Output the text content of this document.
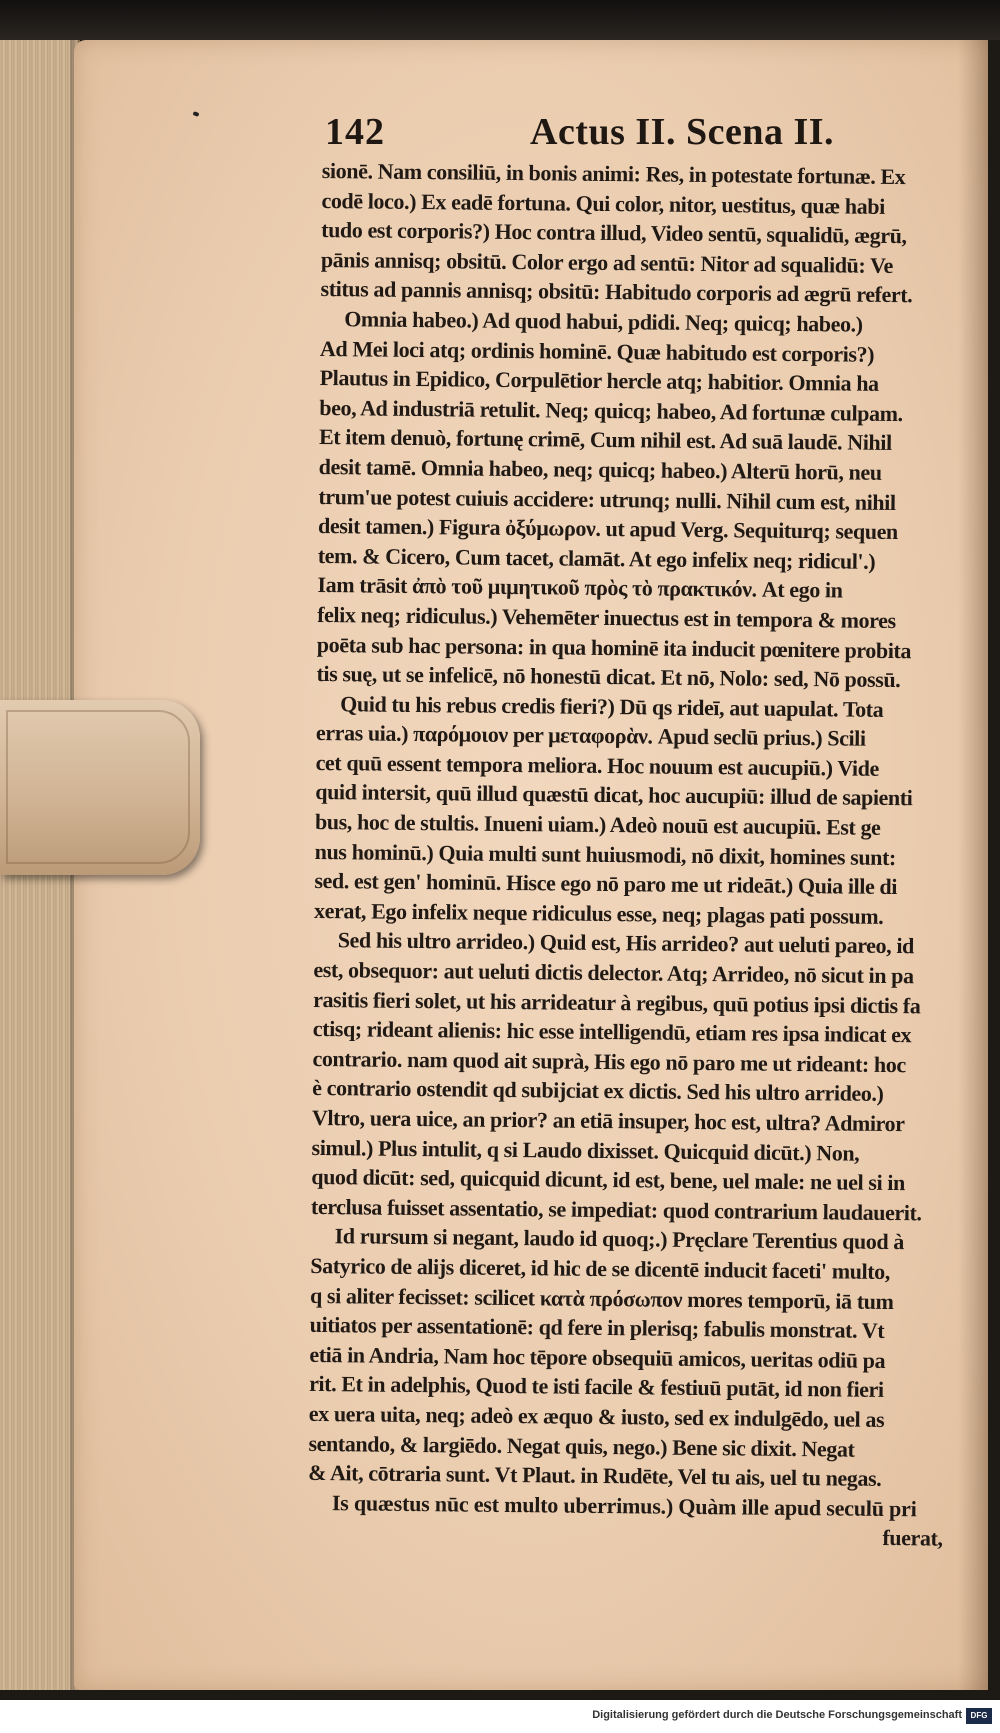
142	Actus II. Scena II.
sionē. Nam consiliū, in bonis animi: Res, in potestate fortunæ. Ex
codē loco.) Ex eadē fortuna. Qui color, nitor, uestitus, quæ habi
tudo est corporis?) Hoc contra illud, Video sentū, squalidū, ægrū,
pānis annisq; obsitū. Color ergo ad sentū: Nitor ad squalidū: Ve
stitus ad pannis annisq; obsitū: Habitudo corporis ad ægrū refert.
Omnia habeo.) Ad quod habui, pdidi. Neq; quicq; habeo.)
Ad Mei loci atq; ordinis hominē. Quæ habitudo est corporis?)
Plautus in Epidico, Corpulētior hercle atq; habitior. Omnia ha
beo, Ad industriā retulit. Neq; quicq; habeo, Ad fortunæ culpam.
Et item denuò, fortunę crimē, Cum nihil est. Ad suā laudē. Nihil
desit tamē. Omnia habeo, neq; quicq; habeo.) Alterū horū, neu
trum'ue potest cuiuis accidere: utrunq; nulli. Nihil cum est, nihil
desit tamen.) Figura ὀξύμωρον. ut apud Verg. Sequiturq; sequen
tem. & Cicero, Cum tacet, clamāt. At ego infelix neq; ridicul'.)
Iam trāsit ἀπὸ τοῦ μιμητικοῦ πρὸς τὸ πρακτικόν. At ego in
felix neq; ridiculus.) Vehemēter inuectus est in tempora & mores
poēta sub hac persona: in qua hominē ita inducit pœnitere probita
tis suę, ut se infelicē, nō honestū dicat. Et nō, Nolo: sed, Nō possū.
Quid tu his rebus credis fieri?) Dū qs rideī, aut uapulat. Tota
erras uia.) παρόμοιον per μεταφορὰν. Apud seclū prius.) Scili
cet quū essent tempora meliora. Hoc nouum est aucupiū.) Vide
quid intersit, quū illud quæstū dicat, hoc aucupiū: illud de sapienti
bus, hoc de stultis. Inueni uiam.) Adeò nouū est aucupiū. Est ge
nus hominū.) Quia multi sunt huiusmodi, nō dixit, homines sunt:
sed. est gen' hominū. Hisce ego nō paro me ut rideāt.) Quia ille di
xerat, Ego infelix neque ridiculus esse, neq; plagas pati possum.
Sed his ultro arrideo.) Quid est, His arrideo? aut ueluti pareo, id
est, obsequor: aut ueluti dictis delector. Atq; Arrideo, nō sicut in pa
rasitis fieri solet, ut his arrideatur à regibus, quū potius ipsi dictis fa
ctisq; rideant alienis: hic esse intelligendū, etiam res ipsa indicat ex
contrario. nam quod ait suprà, His ego nō paro me ut rideant: hoc
è contrario ostendit qd subijciat ex dictis. Sed his ultro arrideo.)
Vltro, uera uice, an prior? an etiā insuper, hoc est, ultra? Admiror
simul.) Plus intulit, q si Laudo dixisset. Quicquid dicūt.) Non,
quod dicūt: sed, quicquid dicunt, id est, bene, uel male: ne uel si in
terclusa fuisset assentatio, se impediat: quod contrarium laudauerit.
Id rursum si negant, laudo id quoq;.) Pręclare Terentius quod à
Satyrico de alijs diceret, id hic de se dicentē inducit faceti' multo,
q si aliter fecisset: scilicet κατὰ πρόσωπον mores temporū, iā tum
uitiatos per assentationē: qd fere in plerisq; fabulis monstrat. Vt
etiā in Andria, Nam hoc tēpore obsequiū amicos, ueritas odiū pa
rit. Et in adelphis, Quod te isti facile & festiuū putāt, id non fieri
ex uera uita, neq; adeò ex æquo & iusto, sed ex indulgēdo, uel as
sentando, & largiēdo. Negat quis, nego.) Bene sic dixit. Negat
& Ait, cōtraria sunt. Vt Plaut. in Rudēte, Vel tu ais, uel tu negas.
Is quæstus nūc est multo uberrimus.) Quàm ille apud seculū pri
fuerat,
Digitalisierung gefördert durch die Deutsche Forschungsgemeinschaft	DFG
